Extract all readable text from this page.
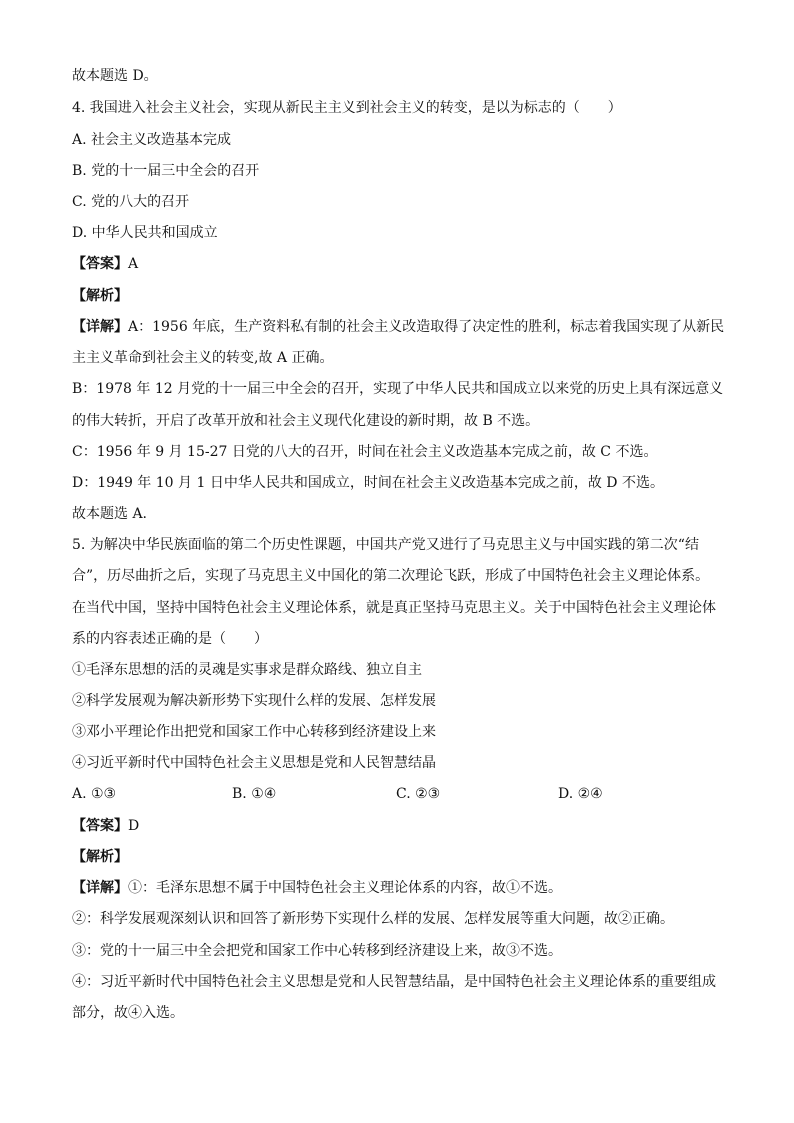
故本题选 D。
4. 我国进入社会主义社会，实现从新民主主义到社会主义的转变，是以为标志的（　　）
A. 社会主义改造基本完成
B. 党的十一届三中全会的召开
C. 党的八大的召开
D. 中华人民共和国成立
【答案】A
【解析】
【详解】A：1956 年底，生产资料私有制的社会主义改造取得了决定性的胜利，标志着我国实现了从新民
主主义革命到社会主义的转变,故 A 正确。
B：1978 年 12 月党的十一届三中全会的召开，实现了中华人民共和国成立以来党的历史上具有深远意义
的伟大转折，开启了改革开放和社会主义现代化建设的新时期，故 B 不选。
C：1956 年 9 月 15-27 日党的八大的召开，时间在社会主义改造基本完成之前，故 C 不选。
D：1949 年 10 月 1 日中华人民共和国成立，时间在社会主义改造基本完成之前，故 D 不选。
故本题选 A.
5. 为解决中华民族面临的第二个历史性课题，中国共产党又进行了马克思主义与中国实践的第二次“结
合”，历尽曲折之后，实现了马克思主义中国化的第二次理论飞跃，形成了中国特色社会主义理论体系。
在当代中国，坚持中国特色社会主义理论体系，就是真正坚持马克思主义。关于中国特色社会主义理论体
系的内容表述正确的是（　　）
①毛泽东思想的活的灵魂是实事求是群众路线、独立自主
②科学发展观为解决新形势下实现什么样的发展、怎样发展
③邓小平理论作出把党和国家工作中心转移到经济建设上来
④习近平新时代中国特色社会主义思想是党和人民智慧结晶
A. ①③	B. ①④	C. ②③	D. ②④
【答案】D
【解析】
【详解】①：毛泽东思想不属于中国特色社会主义理论体系的内容，故①不选。
②：科学发展观深刻认识和回答了新形势下实现什么样的发展、怎样发展等重大问题，故②正确。
③：党的十一届三中全会把党和国家工作中心转移到经济建设上来，故③不选。
④：习近平新时代中国特色社会主义思想是党和人民智慧结晶，是中国特色社会主义理论体系的重要组成
部分，故④入选。
